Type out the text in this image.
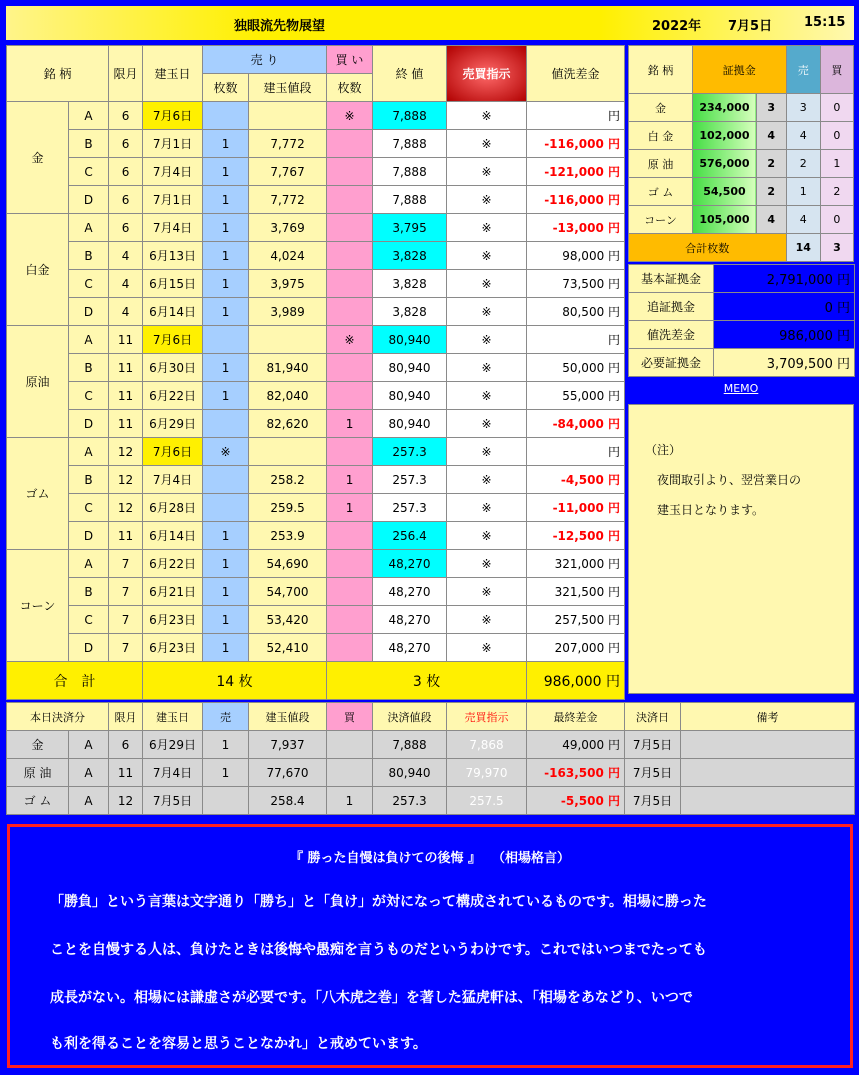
独眼流先物展望	2022年 7月5日 15:15
銘 柄		限月	建玉日	売 り		買 い	終 値	売買指示	値洗差金
				枚数	建玉値段	枚数			
金	A	6	7月6日			※	7,888	※	円
	B	6	7月1日	1	7,772		7,888	※	-116,000 円
	C	6	7月4日	1	7,767		7,888	※	-121,000 円
	D	6	7月1日	1	7,772		7,888	※	-116,000 円
白金	A	6	7月4日	1	3,769		3,795	※	-13,000 円
	B	4	6月13日	1	4,024		3,828	※	98,000 円
	C	4	6月15日	1	3,975		3,828	※	73,500 円
	D	4	6月14日	1	3,989		3,828	※	80,500 円
原油	A	11	7月6日			※	80,940	※	円
	B	11	6月30日	1	81,940		80,940	※	50,000 円
	C	11	6月22日	1	82,040		80,940	※	55,000 円
	D	11	6月29日		82,620	1	80,940	※	-84,000 円
ゴム	A	12	7月6日	※			257.3	※	円
	B	12	7月4日		258.2	1	257.3	※	-4,500 円
	C	12	6月28日		259.5	1	257.3	※	-11,000 円
	D	11	6月14日	1	253.9		256.4	※	-12,500 円
コーン	A	7	6月22日	1	54,690		48,270	※	321,000 円
	B	7	6月21日	1	54,700		48,270	※	321,500 円
	C	7	6月23日	1	53,420		48,270	※	257,500 円
	D	7	6月23日	1	52,410		48,270	※	207,000 円
合　計			14 枚			3 枚			986,000 円
銘 柄	証拠金		売	買
金	234,000	3	3	0
白 金	102,000	4	4	0
原 油	576,000	2	2	1
ゴ ム	54,500	2	1	2
コーン	105,000	4	4	0
合計枚数			14	3
基本証拠金	2,791,000 円
追証拠金	0 円
値洗差金	986,000 円
必要証拠金	3,709,500 円
MEMO
（注）
　夜間取引より、翌営業日の
　建玉日となります。
本日決済分		限月	建玉日	売	建玉値段	買	決済値段	売買指示	最終差金	決済日	備考
金	A	6	6月29日	1	7,937		7,888	7,868	49,000 円	7月5日	
原 油	A	11	7月4日	1	77,670		80,940	79,970	-163,500 円	7月5日	
ゴ ム	A	12	7月5日		258.4	1	257.3	257.5	-5,500 円	7月5日	
『 勝った自慢は負けての後悔 』　 （相場格言）
「勝負」という言葉は文字通り「勝ち」と「負け」が対になって構成されているものです。相場に勝った
ことを自慢する人は、負けたときは後悔や愚痴を言うものだというわけです。これではいつまでたっても
成長がない。相場には謙虚さが必要です。「八木虎之巻」を著した猛虎軒は、「相場をあなどり、いつで
も利を得ることを容易と思うことなかれ」と戒めています。
